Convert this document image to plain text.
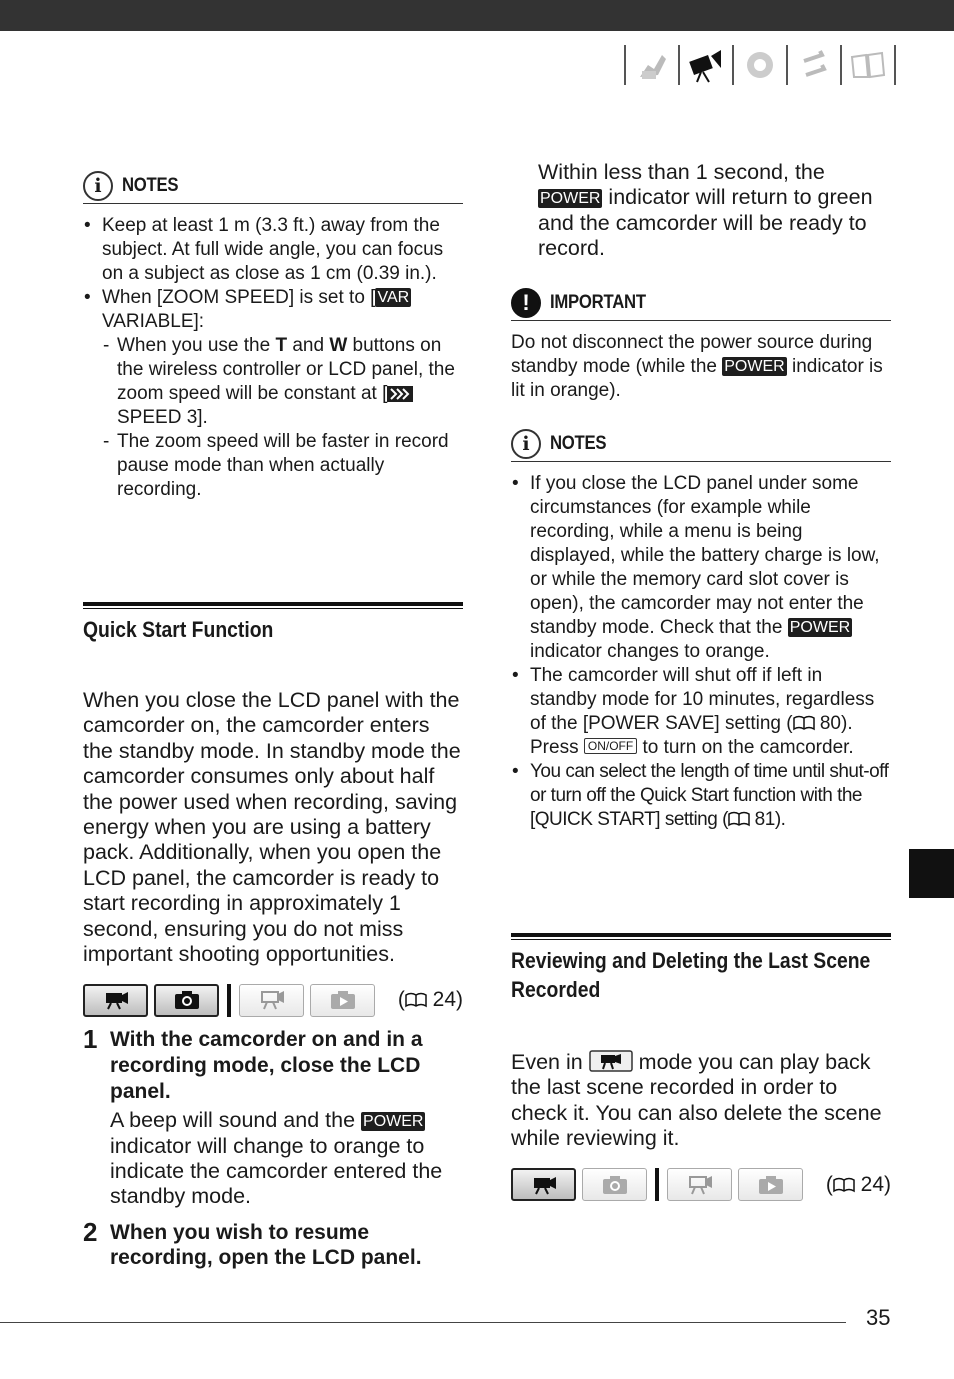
i	NOTES
• Keep at least 1 m (3.3 ft.) away from the subject. At full wide angle, you can focus on a subject as close as 1 cm (0.39 in.).
• When [ZOOM SPEED] is set to [ VAR VARIABLE]:
- When you use the T and W buttons on the wireless controller or LCD panel, the zoom speed will be constant at [ SPEED 3].
- The zoom speed will be faster in record pause mode than when actually recording.
Quick Start Function

When you close the LCD panel with the camcorder on, the camcorder enters the standby mode. In standby mode the camcorder consumes only about half the power used when recording, saving energy when you are using a battery pack. Additionally, when you open the LCD panel, the camcorder is ready to start recording in approximately 1 second, ensuring you do not miss important shooting opportunities.

( 24)
1 With the camcorder on and in a recording mode, close the LCD panel.
A beep will sound and the POWER indicator will change to orange to indicate the camcorder entered the standby mode.
2 When you wish to resume recording, open the LCD panel.
Within less than 1 second, the POWER indicator will return to green and the camcorder will be ready to record.
!	IMPORTANT

Do not disconnect the power source during standby mode (while the POWER indicator is lit in orange).

i	NOTES
• If you close the LCD panel under some circumstances (for example while recording, while a menu is being displayed, while the battery charge is low, or while the memory card slot cover is open), the camcorder may not enter the standby mode. Check that the POWER indicator changes to orange.
• The camcorder will shut off if left in standby mode for 10 minutes, regardless of the [POWER SAVE] setting ( 80). Press ON/OFF to turn on the camcorder.
• You can select the length of time until shut-off or turn off the Quick Start function with the [QUICK START] setting ( 81).
Reviewing and Deleting the Last Scene
Recorded

Even in  mode you can play back the last scene recorded in order to check it. You can also delete the scene while reviewing it.

( 24)
35
